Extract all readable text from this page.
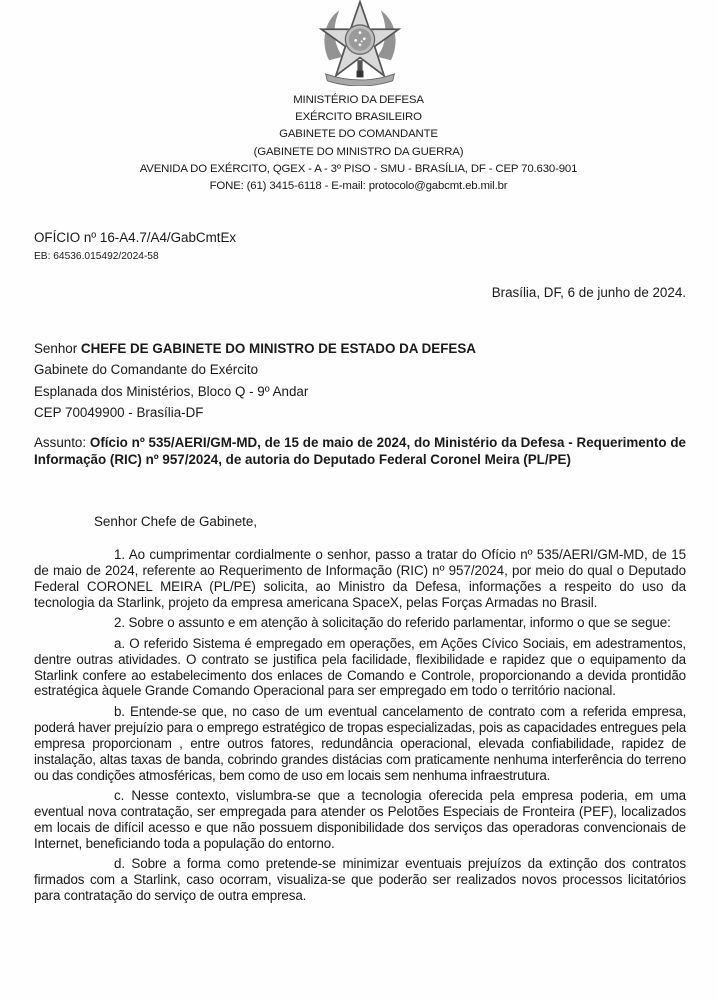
MINISTÉRIO DA DEFESA
EXÉRCITO BRASILEIRO
GABINETE DO COMANDANTE
(GABINETE DO MINISTRO DA GUERRA)
AVENIDA DO EXÉRCITO, QGEX - A - 3º PISO - SMU - BRASÍLIA, DF - CEP 70.630-901
FONE: (61) 3415-6118 - E-mail: protocolo@gabcmt.eb.mil.br
OFÍCIO nº 16-A4.7/A4/GabCmtEx
EB: 64536.015492/2024-58
Brasília, DF, 6 de junho de 2024.
Senhor CHEFE DE GABINETE DO MINISTRO DE ESTADO DA DEFESA
Gabinete do Comandante do Exército
Esplanada dos Ministérios, Bloco Q - 9º Andar
CEP 70049900 - Brasília-DF
Assunto: Ofício nº 535/AERI/GM-MD, de 15 de maio de 2024, do Ministério da Defesa - Requerimento de Informação (RIC) nº 957/2024, de autoria do Deputado Federal Coronel Meira (PL/PE)
Senhor Chefe de Gabinete,

1. Ao cumprimentar cordialmente o senhor, passo a tratar do Ofício nº 535/AERI/GM-MD, de 15 de maio de 2024, referente ao Requerimento de Informação (RIC) nº 957/2024, por meio do qual o Deputado Federal CORONEL MEIRA (PL/PE) solicita, ao Ministro da Defesa, informações a respeito do uso da tecnologia da Starlink, projeto da empresa americana SpaceX, pelas Forças Armadas no Brasil.

2. Sobre o assunto e em atenção à solicitação do referido parlamentar, informo o que se segue:

a. O referido Sistema é empregado em operações, em Ações Cívico Sociais, em adestramentos, dentre outras atividades. O contrato se justifica pela facilidade, flexibilidade e rapidez que o equipamento da Starlink confere ao estabelecimento dos enlaces de Comando e Controle, proporcionando a devida prontidão estratégica àquele Grande Comando Operacional para ser empregado em todo o território nacional.

b. Entende-se que, no caso de um eventual cancelamento de contrato com a referida empresa, poderá haver prejuízio para o emprego estratégico de tropas especializadas, pois as capacidades entregues pela empresa proporcionam , entre outros fatores, redundância operacional, elevada confiabilidade, rapidez de instalação, altas taxas de banda, cobrindo grandes distácias com praticamente nenhuma interferência do terreno ou das condições atmosféricas, bem como de uso em locais sem nenhuma infraestrutura.

c. Nesse contexto, vislumbra-se que a tecnologia oferecida pela empresa poderia, em uma eventual nova contratação, ser empregada para atender os Pelotões Especiais de Fronteira (PEF), localizados em locais de difícil acesso e que não possuem disponibilidade dos serviços das operadoras convencionais de Internet, beneficiando toda a população do entorno.

d. Sobre a forma como pretende-se minimizar eventuais prejuízos da extinção dos contratos firmados com a Starlink, caso ocorram, visualiza-se que poderão ser realizados novos processos licitatórios para contratação do serviço de outra empresa.
